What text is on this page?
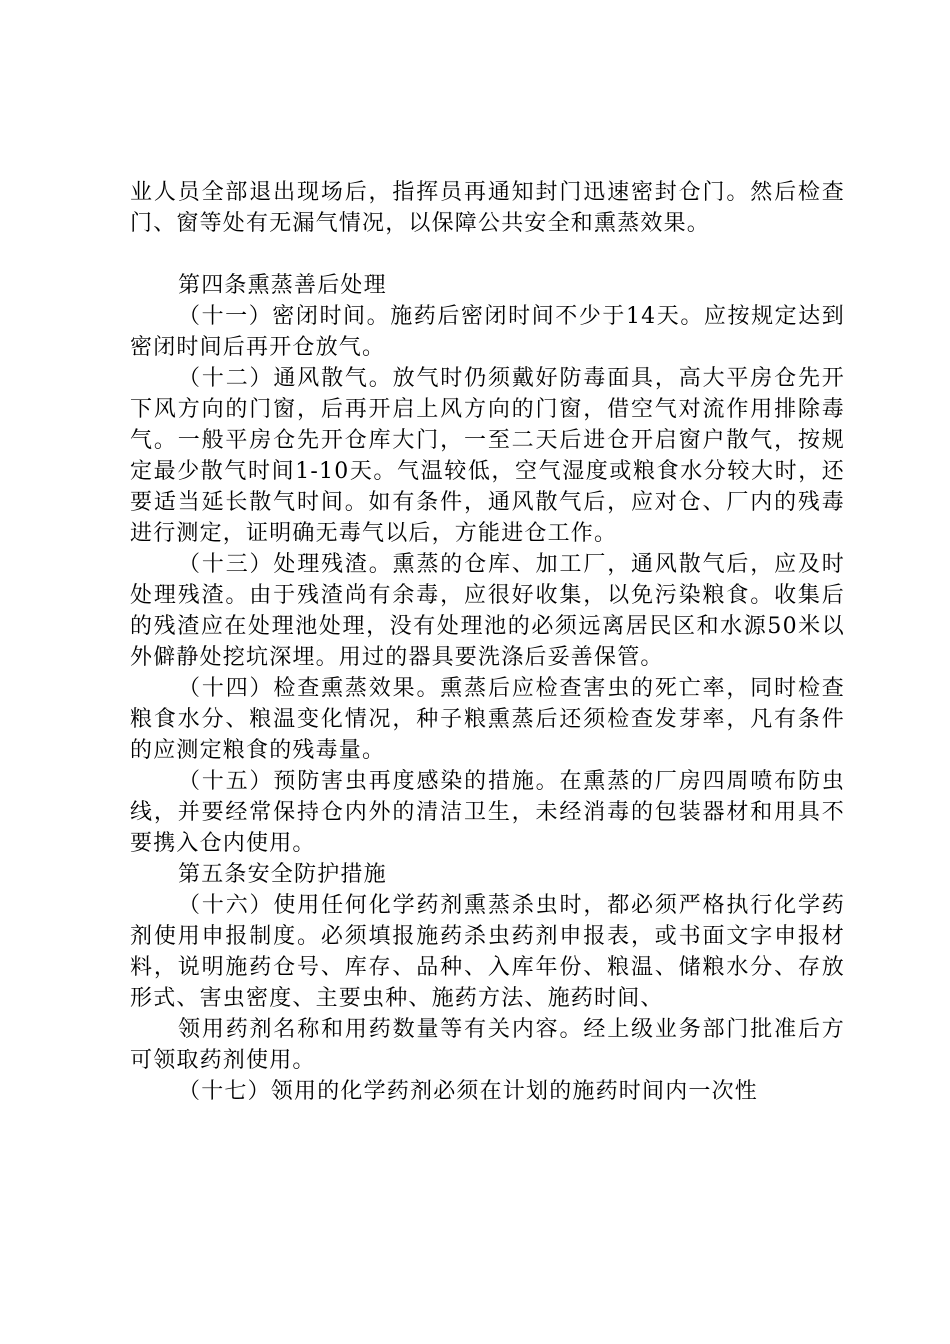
业人员全部退出现场后，指挥员再通知封门迅速密封仓门。然后检查门、窗等处有无漏气情况，以保障公共安全和熏蒸效果。

第四条熏蒸善后处理

（十一）密闭时间。施药后密闭时间不少于14天。应按规定达到密闭时间后再开仓放气。

（十二）通风散气。放气时仍须戴好防毒面具，高大平房仓先开下风方向的门窗，后再开启上风方向的门窗，借空气对流作用排除毒气。一般平房仓先开仓库大门，一至二天后进仓开启窗户散气，按规定最少散气时间1-10天。气温较低，空气湿度或粮食水分较大时，还要适当延长散气时间。如有条件，通风散气后，应对仓、厂内的残毒进行测定，证明确无毒气以后，方能进仓工作。

（十三）处理残渣。熏蒸的仓库、加工厂，通风散气后，应及时处理残渣。由于残渣尚有余毒，应很好收集，以免污染粮食。收集后的残渣应在处理池处理，没有处理池的必须远离居民区和水源50米以外僻静处挖坑深埋。用过的器具要洗涤后妥善保管。

（十四）检查熏蒸效果。熏蒸后应检查害虫的死亡率，同时检查粮食水分、粮温变化情况，种子粮熏蒸后还须检查发芽率，凡有条件的应测定粮食的残毒量。

（十五）预防害虫再度感染的措施。在熏蒸的厂房四周喷布防虫线，并要经常保持仓内外的清洁卫生，未经消毒的包装器材和用具不要携入仓内使用。

第五条安全防护措施

（十六）使用任何化学药剂熏蒸杀虫时，都必须严格执行化学药剂使用申报制度。必须填报施药杀虫药剂申报表，或书面文字申报材料，说明施药仓号、库存、品种、入库年份、粮温、储粮水分、存放形式、害虫密度、主要虫种、施药方法、施药时间、

领用药剂名称和用药数量等有关内容。经上级业务部门批准后方可领取药剂使用。

（十七）领用的化学药剂必须在计划的施药时间内一次性
